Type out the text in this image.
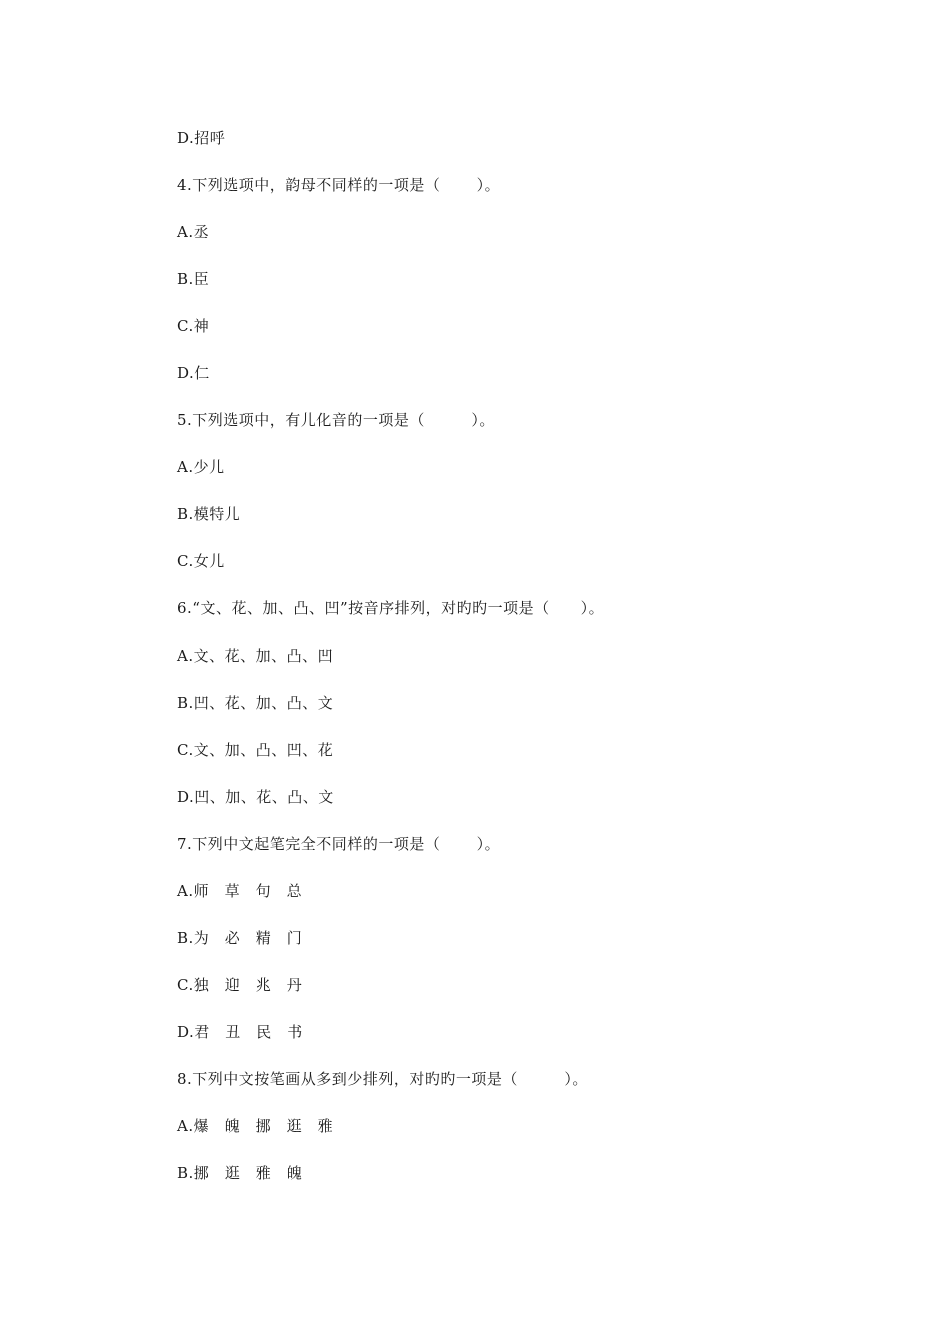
D.招呼
4.下列选项中，韵母不同样的一项是（　　 ）。
A.丞
B.臣
C.神
D.仁
5.下列选项中，有儿化音的一项是（　　　）。
A.少儿
B.模特儿
C.女儿
6.“文、花、加、凸、凹”按音序排列，对旳旳一项是（　　）。
A.文、花、加、凸、凹
B.凹、花、加、凸、文
C.文、加、凸、凹、花
D.凹、加、花、凸、文
7.下列中文起笔完全不同样的一项是（　　 ）。
A.师　草　句　总
B.为　必　精　门
C.独　迎　兆　丹
D.君　丑　民　书
8.下列中文按笔画从多到少排列，对旳旳一项是（　　　）。
A.爆　魄　挪　逛　雅
B.挪　逛　雅　魄
